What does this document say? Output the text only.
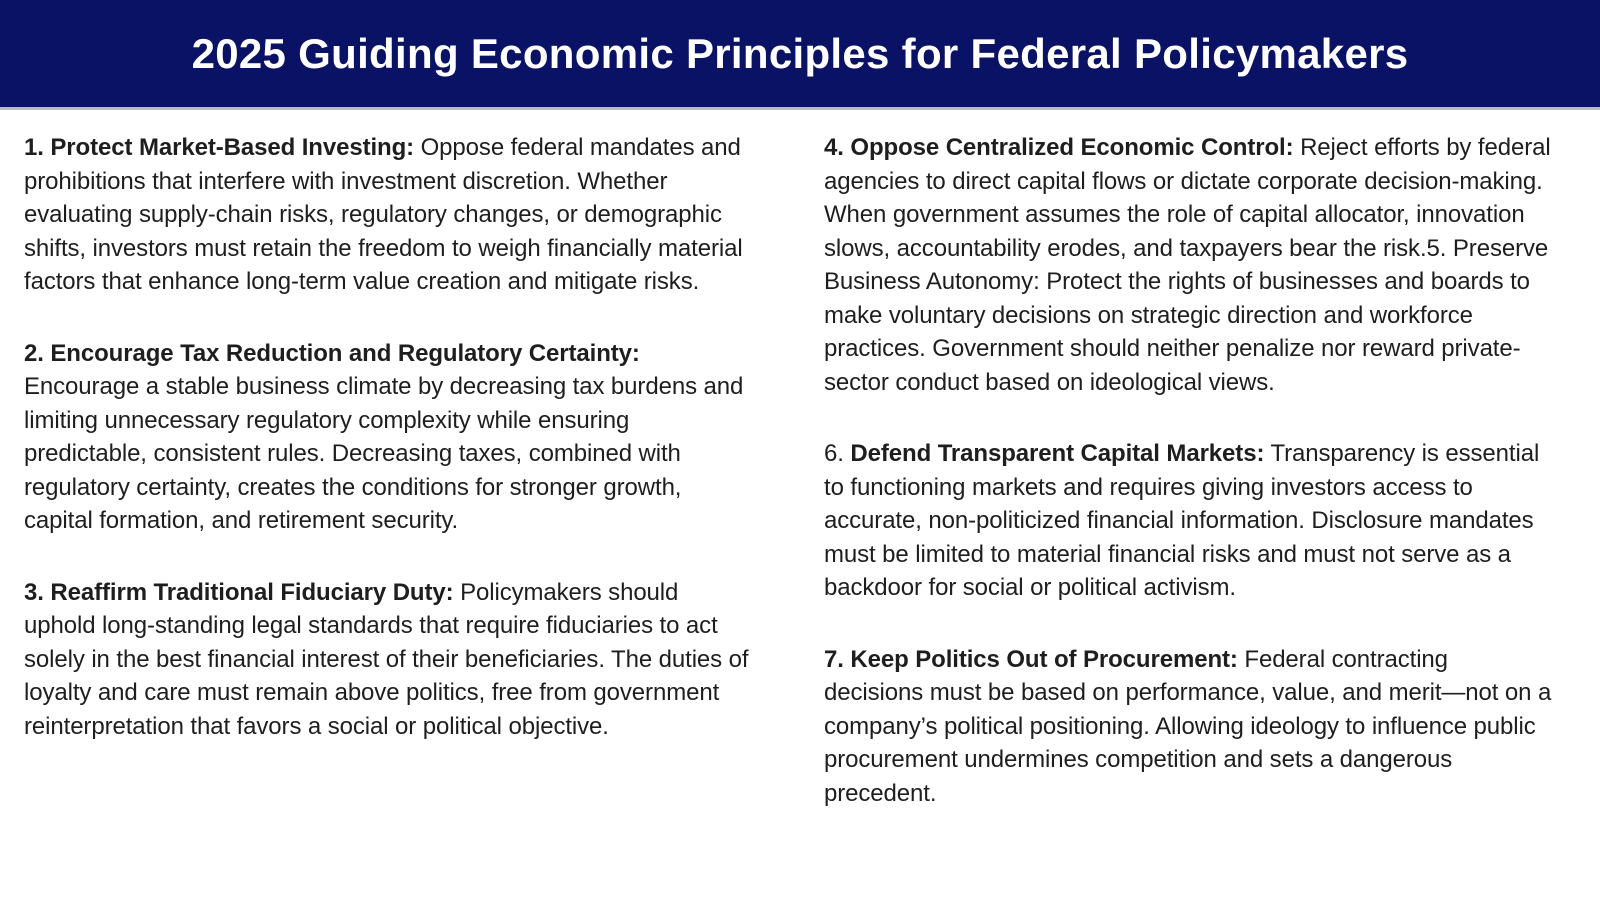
2025 Guiding Economic Principles for Federal Policymakers

1. Protect Market-Based Investing: Oppose federal mandates and prohibitions that interfere with investment discretion. Whether evaluating supply-chain risks, regulatory changes, or demographic shifts, investors must retain the freedom to weigh financially material factors that enhance long-term value creation and mitigate risks.

2. Encourage Tax Reduction and Regulatory Certainty: Encourage a stable business climate by decreasing tax burdens and limiting unnecessary regulatory complexity while ensuring predictable, consistent rules. Decreasing taxes, combined with regulatory certainty, creates the conditions for stronger growth, capital formation, and retirement security.

3. Reaffirm Traditional Fiduciary Duty: Policymakers should uphold long-standing legal standards that require fiduciaries to act solely in the best financial interest of their beneficiaries. The duties of loyalty and care must remain above politics, free from government reinterpretation that favors a social or political objective.

4. Oppose Centralized Economic Control: Reject efforts by federal agencies to direct capital flows or dictate corporate decision-making. When government assumes the role of capital allocator, innovation slows, accountability erodes, and taxpayers bear the risk.5. Preserve Business Autonomy: Protect the rights of businesses and boards to make voluntary decisions on strategic direction and workforce practices. Government should neither penalize nor reward private-sector conduct based on ideological views.

6. Defend Transparent Capital Markets: Transparency is essential to functioning markets and requires giving investors access to accurate, non-politicized financial information. Disclosure mandates must be limited to material financial risks and must not serve as a backdoor for social or political activism.

7. Keep Politics Out of Procurement: Federal contracting decisions must be based on performance, value, and merit—not on a company’s political positioning. Allowing ideology to influence public procurement undermines competition and sets a dangerous precedent.
